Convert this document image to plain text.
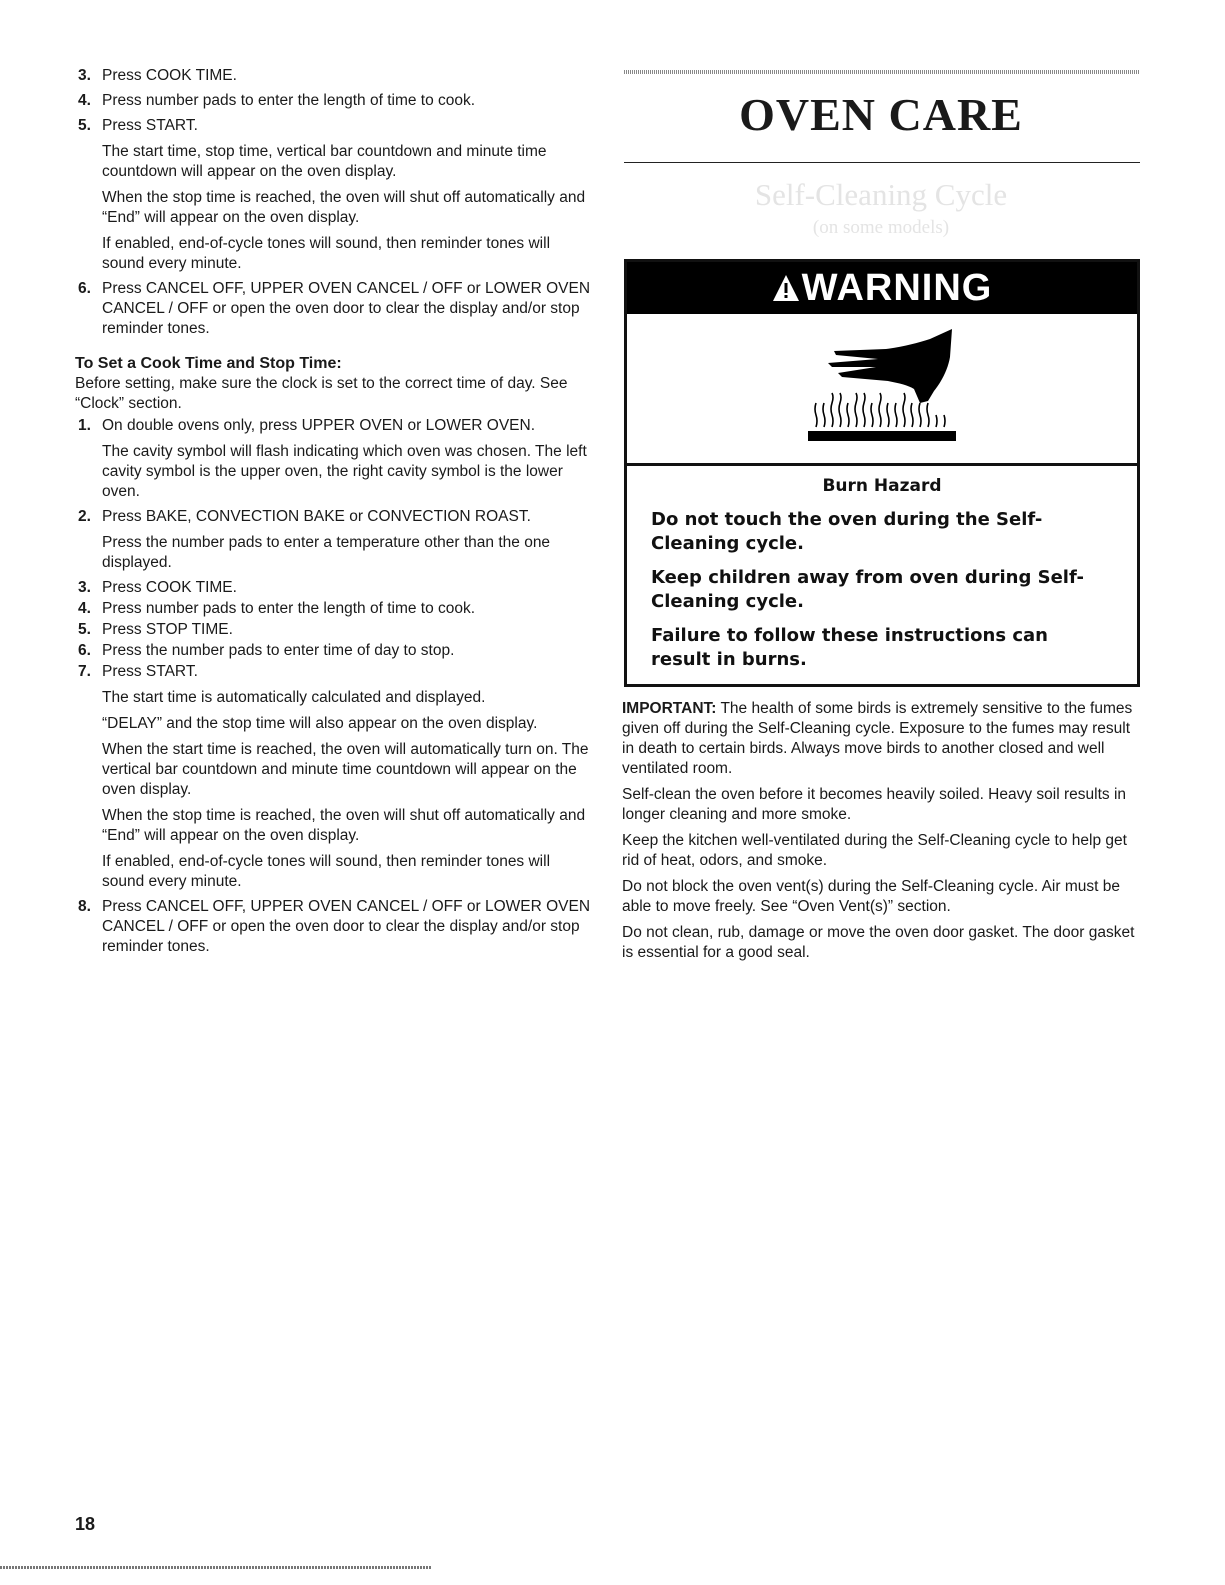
3. Press COOK TIME.
4. Press number pads to enter the length of time to cook.
5. Press START.

The start time, stop time, vertical bar countdown and minute time countdown will appear on the oven display.

When the stop time is reached, the oven will shut off automatically and “End” will appear on the oven display.

If enabled, end-of-cycle tones will sound, then reminder tones will sound every minute.

6. Press CANCEL OFF, UPPER OVEN CANCEL / OFF or LOWER OVEN CANCEL / OFF or open the oven door to clear the display and/or stop reminder tones.
To Set a Cook Time and Stop Time:

Before setting, make sure the clock is set to the correct time of day. See “Clock” section.

1. On double ovens only, press UPPER OVEN or LOWER OVEN.

The cavity symbol will flash indicating which oven was chosen. The left cavity symbol is the upper oven, the right cavity symbol is the lower oven.

2. Press BAKE, CONVECTION BAKE or CONVECTION ROAST.

Press the number pads to enter a temperature other than the one displayed.

3. Press COOK TIME.
4. Press number pads to enter the length of time to cook.
5. Press STOP TIME.
6. Press the number pads to enter time of day to stop.
7. Press START.

The start time is automatically calculated and displayed.

“DELAY” and the stop time will also appear on the oven display.

When the start time is reached, the oven will automatically turn on. The vertical bar countdown and minute time countdown will appear on the oven display.

When the stop time is reached, the oven will shut off automatically and “End” will appear on the oven display.

If enabled, end-of-cycle tones will sound, then reminder tones will sound every minute.

8. Press CANCEL OFF, UPPER OVEN CANCEL / OFF or LOWER OVEN CANCEL / OFF or open the oven door to clear the display and/or stop reminder tones.
OVEN CARE
Self-Cleaning Cycle
(on some models)
WARNING
Burn Hazard

Do not touch the oven during the Self-Cleaning cycle.

Keep children away from oven during Self-Cleaning cycle.

Failure to follow these instructions can result in burns.

IMPORTANT: The health of some birds is extremely sensitive to the fumes given off during the Self-Cleaning cycle. Exposure to the fumes may result in death to certain birds. Always move birds to another closed and well ventilated room.

Self-clean the oven before it becomes heavily soiled. Heavy soil results in longer cleaning and more smoke.

Keep the kitchen well-ventilated during the Self-Cleaning cycle to help get rid of heat, odors, and smoke.

Do not block the oven vent(s) during the Self-Cleaning cycle. Air must be able to move freely. See “Oven Vent(s)” section.

Do not clean, rub, damage or move the oven door gasket. The door gasket is essential for a good seal.

18
